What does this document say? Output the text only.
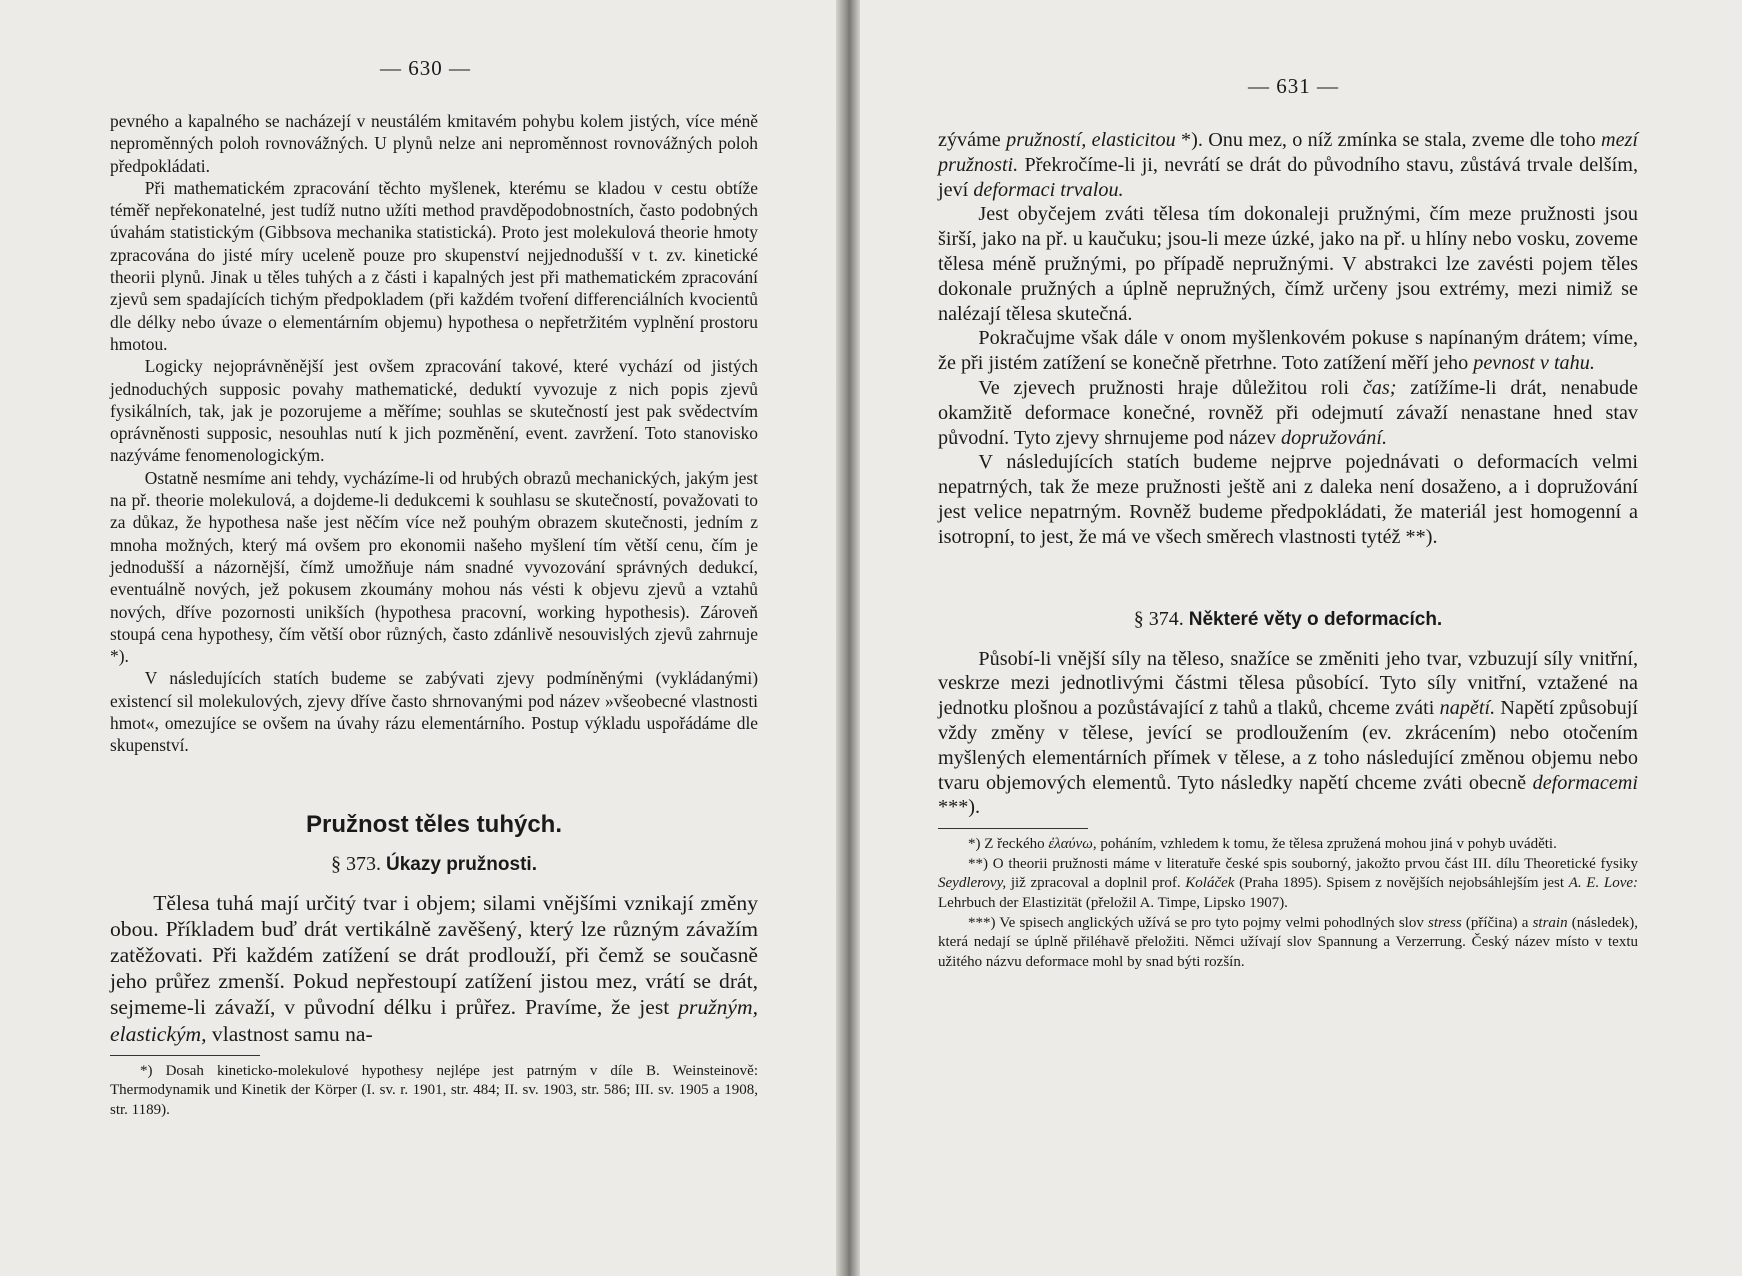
— 630 —

pevného a kapalného se nacházejí v neustálém kmitavém pohybu kolem jistých, více méně neproměnných poloh rovnovážných. U plynů nelze ani neproměnnost rovnovážných poloh předpokládati.

Při mathematickém zpracování těchto myšlenek, kterému se kladou v cestu obtíže téměř nepřekonatelné, jest tudíž nutno užíti method pravděpodobnostních, často podobných úvahám statistickým (Gibbsova mechanika statistická). Proto jest molekulová theorie hmoty zpracována do jisté míry uceleně pouze pro skupenství nejjednodušší v t. zv. kinetické theorii plynů. Jinak u těles tuhých a z části i kapalných jest při mathematickém zpracování zjevů sem spadajících tichým předpokladem (při každém tvoření differenciálních kvocientů dle délky nebo úvaze o elementárním objemu) hypothesa o nepřetržitém vyplnění prostoru hmotou.

Logicky nejoprávněnější jest ovšem zpracování takové, které vychází od jistých jednoduchých supposic povahy mathematické, deduktí vyvozuje z nich popis zjevů fysikálních, tak, jak je pozorujeme a měříme; souhlas se skutečností jest pak svědectvím oprávněnosti supposic, nesouhlas nutí k jich pozměnění, event. zavržení. Toto stanovisko nazýváme fenomenologickým.

Ostatně nesmíme ani tehdy, vycházíme-li od hrubých obrazů mechanických, jakým jest na př. theorie molekulová, a dojdeme-li dedukcemi k souhlasu se skutečností, považovati to za důkaz, že hypothesa naše jest něčím více než pouhým obrazem skutečnosti, jedním z mnoha možných, který má ovšem pro ekonomii našeho myšlení tím větší cenu, čím je jednodušší a názornější, čímž umožňuje nám snadné vyvozování správných dedukcí, eventuálně nových, jež pokusem zkoumány mohou nás vésti k objevu zjevů a vztahů nových, dříve pozornosti unikších (hypothesa pracovní, working hypothesis). Zároveň stoupá cena hypothesy, čím větší obor různých, často zdánlivě nesouvislých zjevů zahrnuje *).

V následujících statích budeme se zabývati zjevy podmíněnými (vykládanými) existencí sil molekulových, zjevy dříve často shrnovanými pod název »všeobecné vlastnosti hmot«, omezujíce se ovšem na úvahy rázu elementárního. Postup výkladu uspořádáme dle skupenství.

Pružnost těles tuhých.
§ 373. Úkazy pružnosti.

Tělesa tuhá mají určitý tvar i objem; silami vnějšími vznikají změny obou. Příkladem buď drát vertikálně zavěšený, který lze různým závažím zatěžovati. Při každém zatížení se drát prodlouží, při čemž se současně jeho průřez zmenší. Pokud nepřestoupí zatížení jistou mez, vrátí se drát, sejmeme-li závaží, v původní délku i průřez. Pravíme, že jest pružným, elastickým, vlastnost samu na-

*) Dosah kineticko-molekulové hypothesy nejlépe jest patrným v díle B. Weinsteinově: Thermodynamik und Kinetik der Körper (I. sv. r. 1901, str. 484; II. sv. 1903, str. 586; III. sv. 1905 a 1908, str. 1189).

— 631 —

zýváme pružností, elasticitou *). Onu mez, o níž zmínka se stala, zveme dle toho mezí pružnosti. Překročíme-li ji, nevrátí se drát do původního stavu, zůstává trvale delším, jeví deformaci trvalou.

Jest obyčejem zváti tělesa tím dokonaleji pružnými, čím meze pružnosti jsou širší, jako na př. u kaučuku; jsou-li meze úzké, jako na př. u hlíny nebo vosku, zoveme tělesa méně pružnými, po případě nepružnými. V abstrakci lze zavésti pojem těles dokonale pružných a úplně nepružných, čímž určeny jsou extrémy, mezi nimiž se nalézají tělesa skutečná.

Pokračujme však dále v onom myšlenkovém pokuse s napínaným drátem; víme, že při jistém zatížení se konečně přetrhne. Toto zatížení měří jeho pevnost v tahu.

Ve zjevech pružnosti hraje důležitou roli čas; zatížíme-li drát, nenabude okamžitě deformace konečné, rovněž při odejmutí závaží nenastane hned stav původní. Tyto zjevy shrnujeme pod název dopružování.

V následujících statích budeme nejprve pojednávati o deformacích velmi nepatrných, tak že meze pružnosti ještě ani z daleka není dosaženo, a i dopružování jest velice nepatrným. Rovněž budeme předpokládati, že materiál jest homogenní a isotropní, to jest, že má ve všech směrech vlastnosti tytéž **).

§ 374. Některé věty o deformacích.

Působí-li vnější síly na těleso, snažíce se změniti jeho tvar, vzbuzují síly vnitřní, veskrze mezi jednotlivými částmi tělesa působící. Tyto síly vnitřní, vztažené na jednotku plošnou a pozůstávající z tahů a tlaků, chceme zváti napětí. Napětí způsobují vždy změny v tělese, jevící se prodloužením (ev. zkrácením) nebo otočením myšlených elementárních přímek v tělese, a z toho následující změnou objemu nebo tvaru objemových elementů. Tyto následky napětí chceme zváti obecně deformacemi ***).

*) Z řeckého ἐλαύνω, poháním, vzhledem k tomu, že tělesa zpružená mohou jiná v pohyb uváděti.

**) O theorii pružnosti máme v literatuře české spis souborný, jakožto prvou část III. dílu Theoretické fysiky Seydlerovy, již zpracoval a doplnil prof. Koláček (Praha 1895). Spisem z novějších nejobsáhlejším jest A. E. Love: Lehrbuch der Elastizität (přeložil A. Timpe, Lipsko 1907).

***) Ve spisech anglických užívá se pro tyto pojmy velmi pohodlných slov stress (příčina) a strain (následek), která nedají se úplně přiléhavě přeložiti. Němci užívají slov Spannung a Verzerrung. Český název místo v textu užitého názvu deformace mohl by snad býti rozšín.
